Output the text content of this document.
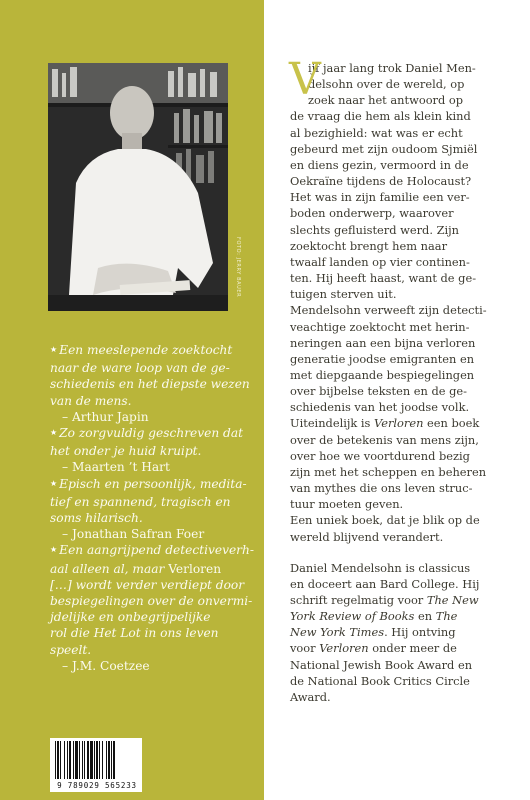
FOTO: JERRY BAUER
★ Een meeslepende zoektocht
naar de ware loop van de ge-
schiedenis en het diepste wezen
van de mens.
– Arthur Japin
★ Zo zorgvuldig geschreven dat
het onder je huid kruipt.
– Maarten ’t Hart
★ Episch en persoonlijk, medita-
tief en spannend, tragisch en
soms hilarisch.
– Jonathan Safran Foer
★ Een aangrijpend detectiveverh-
aal alleen al, maar Verloren
[…] wordt verder verdiept door
bespiegelingen over de onvermi-
jdelijke en onbegrijpelijke
rol die Het Lot in ons leven
speelt.
– J.M. Coetzee
9 789029 565233
V
ijf jaar lang trok Daniel Men-
delsohn over de wereld, op
zoek naar het antwoord op
de vraag die hem als klein kind
al bezighield: wat was er echt
gebeurd met zijn oudoom Sjmiël
en diens gezin, vermoord in de
Oekraïne tijdens de Holocaust?
Het was in zijn familie een ver-
boden onderwerp, waarover
slechts gefluisterd werd. Zijn
zoektocht brengt hem naar
twaalf landen op vier continen-
ten. Hij heeft haast, want de ge-
tuigen sterven uit.
Mendelsohn verweeft zijn detecti-
veachtige zoektocht met herin-
neringen aan een bijna verloren
generatie joodse emigranten en
met diepgaande bespiegelingen
over bijbelse teksten en de ge-
schiedenis van het joodse volk.
Uiteindelijk is Verloren een boek
over de betekenis van mens zijn,
over hoe we voortdurend bezig
zijn met het scheppen en beheren
van mythes die ons leven struc-
tuur moeten geven.
Een uniek boek, dat je blik op de
wereld blijvend verandert.
Daniel Mendelsohn is classicus
en doceert aan Bard College. Hij
schrift regelmatig voor The New
York Review of Books en The
New York Times. Hij ontving
voor Verloren onder meer de
National Jewish Book Award en
de National Book Critics Circle
Award.
